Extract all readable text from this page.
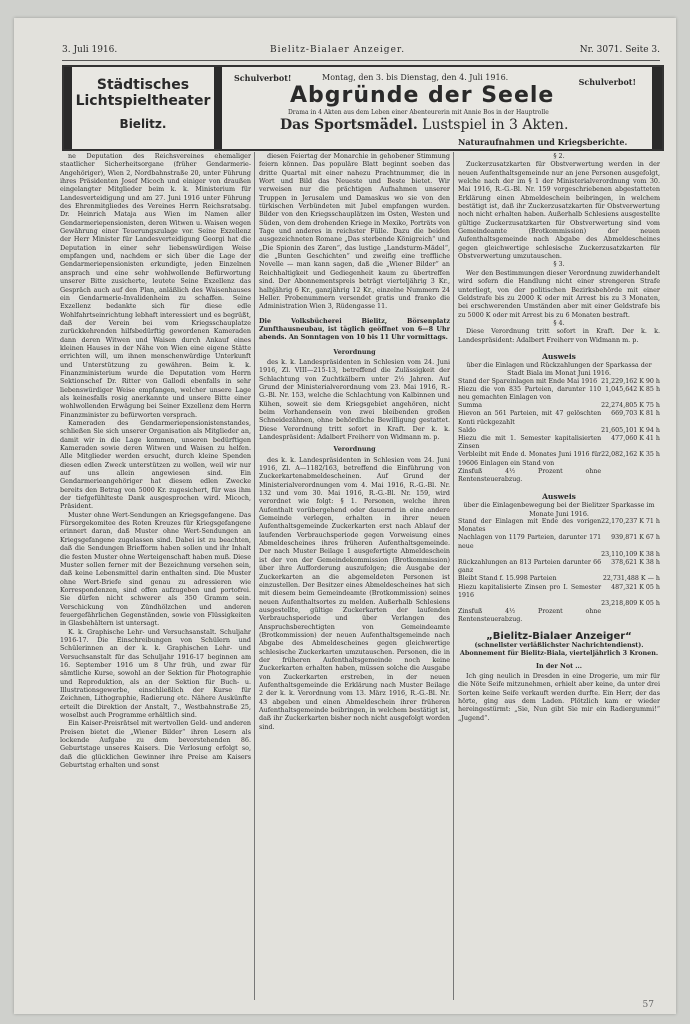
3. Juli 1916.	Bielitz-Bialaer Anzeiger.	Nr. 3071. Seite 3.
Städtisches
Lichtspieltheater
Bielitz.
Schulverbot!	Montag, den 3. bis Dienstag, den 4. Juli 1916.	Schulverbot!
Abgründe der Seele
Drama in 4 Akten aus dem Leben einer Abenteurerin mit Annie Bos in der Hauptrolle
Das Sportsmädel. Lustspiel in 3 Akten.
Naturaufnahmen und Kriegsberichte.

ne Deputation des Reichsvereines ehemaliger staatlicher Sicherheitsorgane (früher Gendarmerie-Angehöriger), Wien 2, Nordbahnstraße 20, unter Führung ihres Präsidenten Josef Micoch und einiger von draußen eingelangter Mitglieder beim k. k. Ministerium für Landesverteidigung und am 27. Juni 1916 unter Führung des Ehrenmitgliedes des Vereines Herrn Reichsratsabg. Dr. Heinrich Mataja aus Wien im Namen aller Gendarmeriepensionisten, deren Witwen u. Waisen wegen Gewährung einer Teuerungszulage vor. Seine Exzellenz der Herr Minister für Landesverteidigung Georgi hat die Deputation in einer sehr liebenswürdigen Weise empfangen und, nachdem er sich über die Lage der Gendarmeriepensionisten erkundigte, jeden Einzelnen ansprach und eine sehr wohlwollende Befürwortung unserer Bitte zusicherte, leutete Seine Exzellenz das Gespräch auch auf den Plan, anläßlich des Waisenhauses ein Gendarmerie-Invalidenheim zu schaffen. Seine Exzellenz bedankte sich für diese edle Wohlfahrtseinrichtung lebhaft interessiert und es begrüßt, daß der Verein bei vom Kriegsschauplatze zurückkehrenden hilfsbedürftig gewordenen Kameraden dann deren Witwen und Waisen durch Ankauf eines kleinen Hauses in der Nähe von Wien eine eigene Stätte errichten will, um ihnen menschenwürdige Unterkunft und Unterstützung zu gewähren. Beim k. k. Finanzministerium wurde die Deputation vom Herrn Sektionschef Dr. Ritter von Gallodi ebenfalls in sehr liebenswürdiger Weise empfangen, welcher unsere Lage als keinesfalls rosig anerkannte und unsere Bitte einer wohlwollenden Erwägung bei Seiner Exzellenz dem Herrn Finanzminister zu befürworten versprach.

Kameraden des Gendarmeriepensionistenstandes, schließen Sie sich unserer Organisation als Mitglieder an, damit wir in die Lage kommen, unseren bedürftigen Kameraden sowie deren Witwen und Waisen zu helfen. Alle Mitglieder werden ersucht, durch kleine Spenden diesen edlen Zweck unterstützen zu wollen, weil wir nur auf uns allein angewiesen sind. Ein Gendarmerieangehöriger hat diesem edlen Zwecke bereits den Betrag von 5000 Kr. zugesichert, für was ihm der tiefgefühlteste Dank ausgesprochen wird. Micoch, Präsident.

Muster ohne Wert-Sendungen an Kriegsgefangene. Das Fürsorgekomitee des Roten Kreuzes für Kriegsgefangene erinnert daran, daß Muster ohne Wert-Sendungen an Kriegsgefangene zugelassen sind. Dabei ist zu beachten, daß die Sendungen Briefform haben sollen und ihr Inhalt die festen Muster ohne Werteigenschaft haben muß. Diese Muster sollen ferner mit der Bezeichnung versehen sein, daß keine Lebensmittel darin enthalten sind. Die Muster ohne Wert-Briefe sind genau zu adressieren wie Korrespondenzen, sind offen aufzugeben und portofrei. Sie dürfen nicht schwerer als 350 Gramm sein. Verschickung von Zündhölzchen und anderen feuergefährlichen Gegenständen, sowie von Flüssigkeiten in Glasbehältern ist untersagt.

K. k. Graphische Lehr- und Versuchsanstalt. Schuljahr 1916-17. Die Einschreibungen von Schülern und Schülerinnen an der k. k. Graphischen Lehr- und Versuchsanstalt für das Schuljahr 1916-17 beginnen am 16. September 1916 um 8 Uhr früh, und zwar für sämtliche Kurse, sowohl an der Sektion für Photographie und Reproduktion, als an der Sektion für Buch- u. Illustrationsgewerbe, einschließlich der Kurse für Zeichnen, Lithographie, Radierung etc. Nähere Auskünfte erteilt die Direktion der Anstalt, 7., Westbahnstraße 25, woselbst auch Programme erhältlich sind.

Ein Kaiser-Preisrätsel mit wertvollen Geld- und anderen Preisen bietet die „Wiener Bilder“ ihren Lesern als lockende Aufgabe zu dem bevorstehenden 86. Geburtstage unseres Kaisers. Die Verlosung erfolgt so, daß die glücklichen Gewinner ihre Preise am Kaisers Geburtstag erhalten und sonst

diesen Feiertag der Monarchie in gehobener Stimmung feiern können. Das populäre Blatt beginnt soeben das dritte Quartal mit einer nahezu Prachtnummer, die in Wort und Bild das Neueste und Beste bietet. Wir verweisen nur die prächtigen Aufnahmen unserer Truppen in Jerusalem und Damaskus wo sie von den türkischen Verbündeten mit Jubel empfangen wurden. Bilder von den Kriegsschauplätzen im Osten, Westen und Süden, von dem drohenden Kriege in Mexiko, Porträts von Tage und anderes in reichster Fülle. Dazu die beiden ausgezeichneten Romane „Das sterbende Königreich“ und „Die Spionin des Zaren“, das lustige „Landsturm-Mädel“, die „Bunten Geschichten“ und zweifig eine treffliche Novelle — man kann sagen, daß die „Wiener Bilder“ an Reichhaltigkeit und Gediegenheit kaum zu übertreffen sind. Der Abonnementspreis beträgt vierteljährig 3 Kr., halbjährig 6 Kr., ganzjährig 12 Kr., einzelne Nummern 24 Heller. Probenummern versendet gratis und franko die Administration Wien 3, Rüdengasse 11.

Die Volksbücherei Bielitz, Börsenplatz Zunfthausneubau, ist täglich geöffnet von 6—8 Uhr abends. An Sonntagen von 10 bis 11 Uhr vormittags.

Verordnung

des k. k. Landespräsidenten in Schlesien vom 24. Juni 1916, Zl. VIII—215-13, betreffend die Zulässigkeit der Schlachtung von Zuchtkälbern unter 2½ Jahren. Auf Grund der Ministerialverordnung vom 23. Mai 1916, R.-G.-Bl. Nr. 153, welche die Schlachtung von Kalbinnen und Kühen, soweit sie dem Kriegsgebiet angehören, nicht beim Vorhandensein von zwei bleibenden großen Schneidezähnen, ohne behördliche Bewilligung gestattet. Diese Verordnung tritt sofort in Kraft. Der k. k. Landespräsident: Adalbert Freiherr von Widmann m. p.

Verordnung

des k. k. Landespräsidenten in Schlesien vom 24. Juni 1916, Zl. A—1182/163, betreffend die Einführung von Zuckerkartenabmeldescheinen. Auf Grund der Ministerialverordnungen vom 4. Mai 1916, R.-G.-Bl. Nr. 132 und vom 30. Mai 1916, R.-G.-Bl. Nr. 159, wird verordnet wie folgt: § 1. Personen, welche ihren Aufenthalt vorübergehend oder dauernd in eine andere Gemeinde verlegen, erhalten in ihrer neuen Aufenthaltsgemeinde Zuckerkarten erst nach Ablauf der laufenden Verbrauchsperiode gegen Vorweisung eines Abmeldescheines ihres früheren Aufenthaltsgemeinde. Der nach Muster Beilage 1 ausgefertigte Abmeldeschein ist der von der Gemeindekommission (Brotkommission) über ihre Aufforderung auszufolgen; die Ausgabe der Zuckerkarten an die abgemeldeten Personen ist einzustellen. Der Besitzer eines Abmeldescheines hat sich mit diesem beim Gemeindeamte (Brotkommission) seines neuen Aufenthaltsortes zu melden. Außerhalb Schlesiens ausgestellte, gültige Zuckerkarten der laufenden Verbrauchsperiode und über Verlangen des Anspruchsberechtigten von Gemeindeamte (Brotkommission) der neuen Aufenthaltsgemeinde nach Abgabe des Abmeldescheines gegen gleichwertige schlesische Zuckerkarten umzutauschen. Personen, die in der früheren Aufenthaltsgemeinde noch keine Zuckerkarten erhalten haben, müssen solche die Ausgabe von Zuckerkarten erstreben, in der neuen Aufenthaltsgemeinde die Erklärung nach Muster Beilage 2 der k. k. Verordnung vom 13. März 1916, R.-G.-Bl. Nr. 43 abgeben und einen Abmeldeschein ihrer früheren Aufenthaltsgemeinde beibringen, in welchem bestätigt ist, daß ihr Zuckerkarten bisher noch nicht ausgefolgt worden sind.

§ 2.

Zuckerzusatzkarten für Obstverwertung werden in der neuen Aufenthaltsgemeinde nur an jene Personen ausgefolgt, welche nach der im § 1 der Ministerialverordnung vom 30. Mai 1916, R.-G.-Bl. Nr. 159 vorgeschriebenen abgestatteten Erklärung einen Abmeldeschein beibringen, in welchem bestätigt ist, daß ihr Zuckerzusatzkarten für Obstverwertung noch nicht erhalten haben. Außerhalb Schlesiens ausgestellte gültige Zuckerzusatzkarten für Obstverwertung sind vom Gemeindeamte (Brotkommission) der neuen Aufenthaltsgemeinde nach Abgabe des Abmeldescheines gegen gleichwertige schlesische Zuckerzusatzkarten für Obstverwertung umzutauschen.

§ 3.

Wer den Bestimmungen dieser Verordnung zuwiderhandelt wird sofern die Handlung nicht einer strengeren Strafe unterliegt, von der politischen Bezirksbehörde mit einer Geldstrafe bis zu 2000 K oder mit Arrest bis zu 3 Monaten, bei erschwerenden Umständen aber mit einer Geldstrafe bis zu 5000 K oder mit Arrest bis zu 6 Monaten bestraft.

§ 4.

Diese Verordnung tritt sofort in Kraft. Der k. k. Landespräsident: Adalbert Freiherr von Widmann m. p.

Ausweis

über die Einlagen und Rückzahlungen der Sparkassa der Stadt Biala im Monat Juni 1916.

Stand der Spareinlagen mit Ende Mai 1916	21,229,162 K 90 h
Hiezu die von 835 Parteien, darunter 110 neu gemachten Einlagen von	1,045,642 K 85 h
Summa	22,274,805 K 75 h
Hievon an 561 Parteien, mit 47 gelöschten Konti rückgezahlt	669,703 K 81 h
Saldo	21,605,101 K 94 h
Hiezu die mit 1. Semester kapitalisierten Zinsen	477,060 K 41 h
Verbleibt mit Ende d. Monates Juni 1916 für 19606 Einlagen ein Stand von	22,082,162 K 35 h
Zinsfuß 4½ Prozent ohne Rentensteuerabzug.	

Ausweis

über die Einlagenbewegung bei der Bielitzer Sparkasse im Monate Juni 1916.

Stand der Einlagen mit Ende des vorigen Monates	22,170,237 K 71 h
Nachlagen von 1179 Parteien, darunter 171 neue	939,871 K 67 h
	23,110,109 K 38 h
Rückzahlungen an 813 Parteien darunter 66 ganz	378,621 K 38 h
Bleibt Stand f. 15.998 Parteien	22,731,488 K — h
Hiezu kapitalisierte Zinsen pro I. Semester 1916	487,321 K 05 h
	23,218,809 K 05 h
Zinsfuß 4½ Prozent ohne Rentensteuerabzug.	
„Bielitz-Bialaer Anzeiger“

(schnellster verläßlichster Nachrichtendienst). Abonnement für Bielitz-Biala, vierteljährlich 3 Kronen.

In der Not ...

Ich ging neulich in Dresden in eine Drogerie, um mir für die Nöte Seife mitzunehmen, erhielt aber keine, da unter drei Sorten keine Seife verkauft werden durfte. Ein Herr, der das hörte, ging aus dem Laden. Plötzlich kam er wieder hereingestürmt: „Sie, Nun gibt Sie mir ein Radiergummi!“ „Jugend“.

57
